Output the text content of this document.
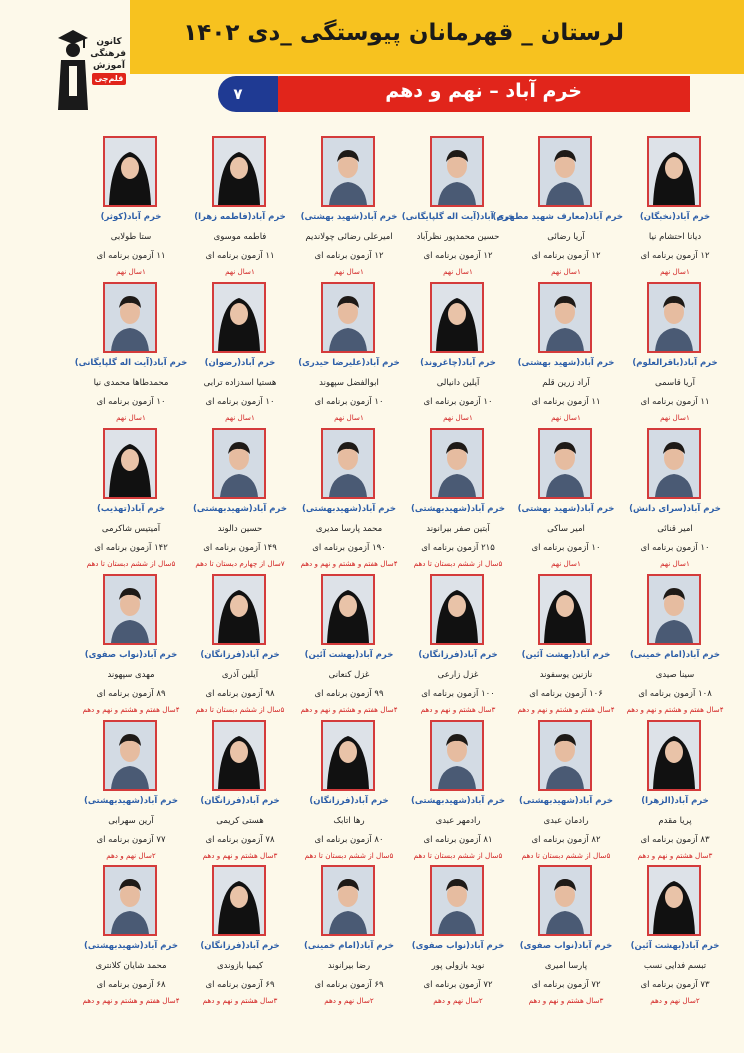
لرستان _ قهرمانان پیوستگی _دی ۱۴۰۲
۷	خرم آباد – نهم و دهم
کانون
فرهنگی
آموزش
قلم‌چی
خرم آباد(نخبگان)
دیانا احتشام نیا
۱۲ آزمون برنامه ای
۱سال نهم
خرم آباد(معارف شهید مطهری)
آریا رضائی
۱۲ آزمون برنامه ای
۱سال نهم
خرم آباد(آیت اله گلپایگانی)
حسین محمدپور نظرآباد
۱۲ آزمون برنامه ای
۱سال نهم
خرم آباد(شهید بهشتی)
امیرعلی رضائی چولاندیم
۱۲ آزمون برنامه ای
۱سال نهم
خرم آباد(فاطمه زهرا)
فاطمه موسوی
۱۱ آزمون برنامه ای
۱سال نهم
خرم آباد(کوثر)
ستا طولابی
۱۱ آزمون برنامه ای
۱سال نهم
خرم آباد(باقرالعلوم)
آریا قاسمی
۱۱ آزمون برنامه ای
۱سال نهم
خرم آباد(شهید بهشتی)
آراد زرین قلم
۱۱ آزمون برنامه ای
۱سال نهم
خرم آباد(چاغروند)
آیلین دانیالی
۱۰ آزمون برنامه ای
۱سال نهم
خرم آباد(علیرضا حیدری)
ابوالفضل سپهوند
۱۰ آزمون برنامه ای
۱سال نهم
خرم آباد(رضوان)
هستیا اسدزاده ترابی
۱۰ آزمون برنامه ای
۱سال نهم
خرم آباد(آیت اله گلپایگانی)
محمدطاها محمدی نیا
۱۰ آزمون برنامه ای
۱سال نهم
خرم آباد(سرای دانش)
امیر قنائی
۱۰ آزمون برنامه ای
۱سال نهم
خرم آباد(شهید بهشتی)
امیر ساکی
۱۰ آزمون برنامه ای
۱سال نهم
خرم آباد(شهیدبهشتی)
آبتین صفر بیرانوند
۲۱۵ آزمون برنامه ای
۵سال از ششم دبستان تا دهم
خرم آباد(شهیدبهشتی)
محمد پارسا مدیری
۱۹۰ آزمون برنامه ای
۴سال هفتم و هشتم و نهم و دهم
خرم آباد(شهیدبهشتی)
حسین دالوند
۱۴۹ آزمون برنامه ای
۷سال از چهارم دبستان تا دهم
خرم آباد(تهذیب)
آمیتیس شاکرمی
۱۴۲ آزمون برنامه ای
۵سال از ششم دبستان تا دهم
خرم آباد(امام خمینی)
سینا صیدی
۱۰۸ آزمون برنامه ای
۴سال هفتم و هشتم و نهم و دهم
خرم آباد(بهشت آئین)
نازنین یوسفوند
۱۰۶ آزمون برنامه ای
۴سال هفتم و هشتم و نهم و دهم
خرم آباد(فرزانگان)
غزل زارعی
۱۰۰ آزمون برنامه ای
۳سال هشتم و نهم و دهم
خرم آباد(بهشت آئین)
غزل کنعانی
۹۹ آزمون برنامه ای
۴سال هفتم و هشتم و نهم و دهم
خرم آباد(فرزانگان)
آیلین آذری
۹۸ آزمون برنامه ای
۵سال از ششم دبستان تا دهم
خرم آباد(نواب صفوی)
مهدی سپهوند
۸۹ آزمون برنامه ای
۴سال هفتم و هشتم و نهم و دهم
خرم آباد(الزهرا)
پریا مقدم
۸۳ آزمون برنامه ای
۳سال هشتم و نهم و دهم
خرم آباد(شهیدبهشتی)
رادمان عبدی
۸۲ آزمون برنامه ای
۵سال از ششم دبستان تا دهم
خرم آباد(شهیدبهشتی)
رادمهر عبدی
۸۱ آزمون برنامه ای
۵سال از ششم دبستان تا دهم
خرم آباد(فرزانگان)
رها اتابک
۸۰ آزمون برنامه ای
۵سال از ششم دبستان تا دهم
خرم آباد(فرزانگان)
هستی کریمی
۷۸ آزمون برنامه ای
۳سال هشتم و نهم و دهم
خرم آباد(شهیدبهشتی)
آرین سهرابی
۷۷ آزمون برنامه ای
۲سال نهم و دهم
خرم آباد(بهشت آئین)
تبسم فدایی نسب
۷۳ آزمون برنامه ای
۲سال نهم و دهم
خرم آباد(نواب صفوی)
پارسا امیری
۷۲ آزمون برنامه ای
۳سال هشتم و نهم و دهم
خرم آباد(نواب صفوی)
نوید بازولی پور
۷۲ آزمون برنامه ای
۲سال نهم و دهم
خرم آباد(امام خمینی)
رضا بیرانوند
۶۹ آزمون برنامه ای
۲سال نهم و دهم
خرم آباد(فرزانگان)
کیمیا بازوندی
۶۹ آزمون برنامه ای
۳سال هشتم و نهم و دهم
خرم آباد(شهیدبهشتی)
محمد شایان کلانتری
۶۸ آزمون برنامه ای
۴سال هفتم و هشتم و نهم و دهم
